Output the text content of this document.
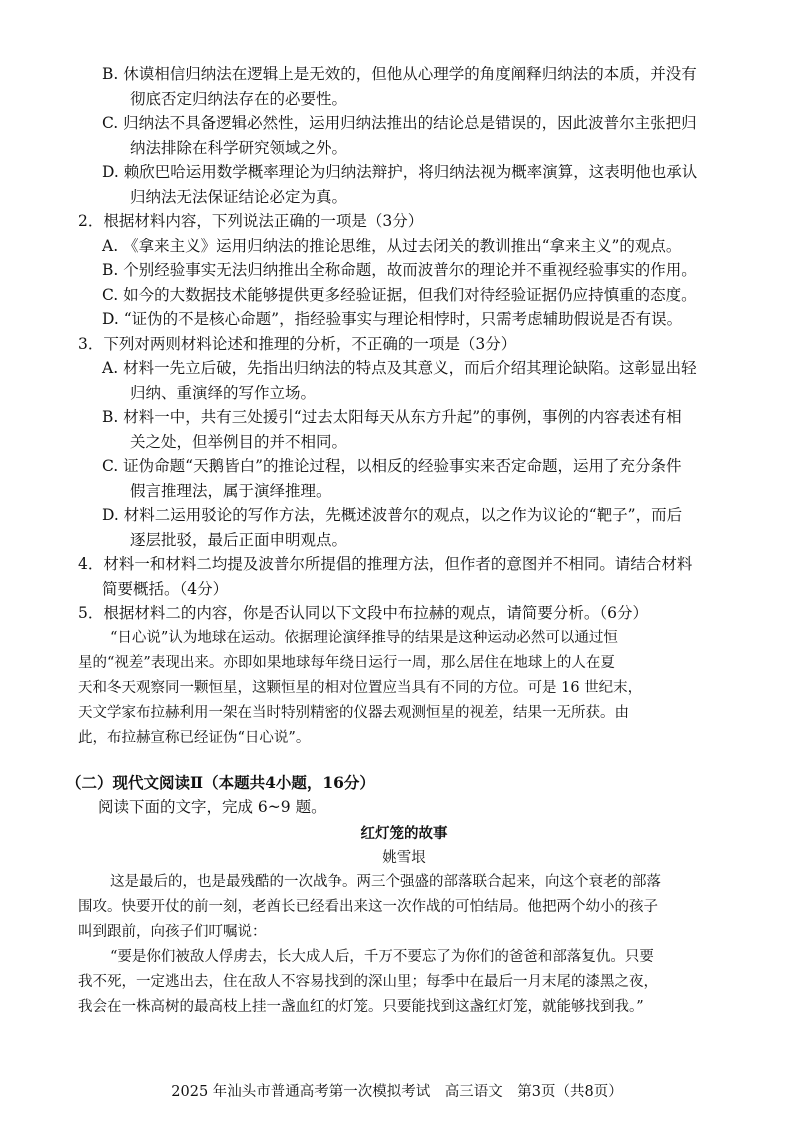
B. 休谟相信归纳法在逻辑上是无效的，但他从心理学的角度阐释归纳法的本质，并没有
彻底否定归纳法存在的必要性。
C. 归纳法不具备逻辑必然性，运用归纳法推出的结论总是错误的，因此波普尔主张把归
纳法排除在科学研究领域之外。
D. 赖欣巴哈运用数学概率理论为归纳法辩护，将归纳法视为概率演算，这表明他也承认
归纳法无法保证结论必定为真。
2．根据材料内容，下列说法正确的一项是（3分）
A. 《拿来主义》运用归纳法的推论思维，从过去闭关的教训推出“拿来主义”的观点。
B. 个别经验事实无法归纳推出全称命题，故而波普尔的理论并不重视经验事实的作用。
C. 如今的大数据技术能够提供更多经验证据，但我们对待经验证据仍应持慎重的态度。
D. “证伪的不是核心命题”，指经验事实与理论相悖时，只需考虑辅助假说是否有误。
3．下列对两则材料论述和推理的分析，不正确的一项是（3分）
A. 材料一先立后破，先指出归纳法的特点及其意义，而后介绍其理论缺陷。这彰显出轻
归纳、重演绎的写作立场。
B. 材料一中，共有三处援引“过去太阳每天从东方升起”的事例，事例的内容表述有相
关之处，但举例目的并不相同。
C. 证伪命题“天鹅皆白”的推论过程，以相反的经验事实来否定命题，运用了充分条件
假言推理法，属于演绎推理。
D. 材料二运用驳论的写作方法，先概述波普尔的观点，以之作为议论的“靶子”，而后
逐层批驳，最后正面申明观点。
4．材料一和材料二均提及波普尔所提倡的推理方法，但作者的意图并不相同。请结合材料
简要概括。（4分）
5．根据材料二的内容，你是否认同以下文段中布拉赫的观点，请简要分析。（6分）
“日心说”认为地球在运动。依据理论演绎推导的结果是这种运动必然可以通过恒
星的“视差”表现出来。亦即如果地球每年绕日运行一周，那么居住在地球上的人在夏
天和冬天观察同一颗恒星，这颗恒星的相对位置应当具有不同的方位。可是 16 世纪末，
天文学家布拉赫利用一架在当时特别精密的仪器去观测恒星的视差，结果一无所获。由
此，布拉赫宣称已经证伪“日心说”。
（二）现代文阅读Ⅱ（本题共4小题，16分）
阅读下面的文字，完成 6~9 题。
红灯笼的故事
姚雪垠
这是最后的，也是最残酷的一次战争。两三个强盛的部落联合起来，向这个衰老的部落
围攻。快要开仗的前一刻，老酋长已经看出来这一次作战的可怕结局。他把两个幼小的孩子
叫到跟前，向孩子们叮嘱说：
“要是你们被敌人俘虏去，长大成人后，千万不要忘了为你们的爸爸和部落复仇。只要
我不死，一定逃出去，住在敌人不容易找到的深山里；每季中在最后一月末尾的漆黑之夜，
我会在一株高树的最高枝上挂一盏血红的灯笼。只要能找到这盏红灯笼，就能够找到我。”
2025 年汕头市普通高考第一次模拟考试　高三语文　第3页（共8页）
